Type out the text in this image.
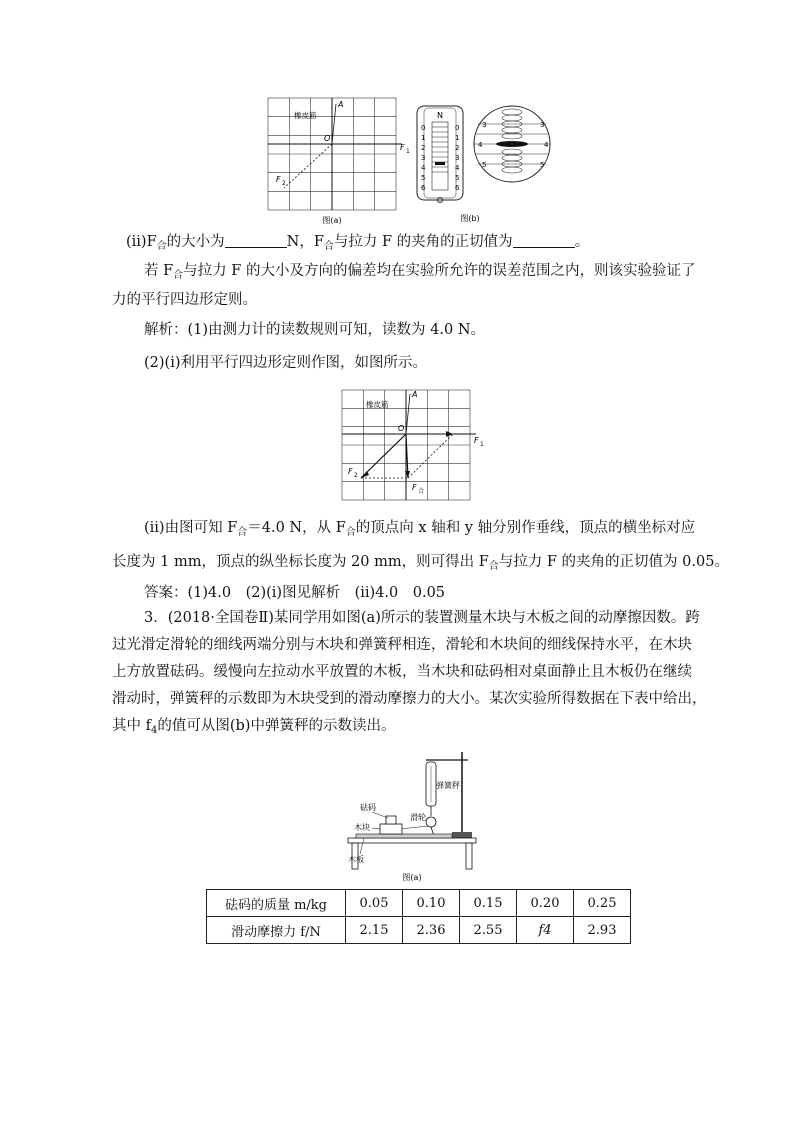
A
橡皮筋
O
F 1
F 2
图(a)
N
0	0
1	1
2	2
3	3
4	4
5	5
6	6
3	3
4	4
5	5
图(b)
$(ⅱ)F_合$的大小为	N，$F_合$与拉力 F 的夹角的正切值为	。
若 $F_合$与拉力 F 的大小及方向的偏差均在实验所允许的误差范围之内，则该实验验证了
力的平行四边形定则。
解析：(1)由测力计的读数规则可知，读数为 4.0 N。
(2)(ⅰ)利用平行四边形定则作图，如图所示。
A
橡皮筋
O
F 1
F 2
F 合
(ⅱ)由图可知 $F_合=4.0$ N，从 $F_合$的顶点向 x 轴和 y 轴分别作垂线，顶点的横坐标对应
长度为 1 mm，顶点的纵坐标长度为 20 mm，则可得出 $F_合$与拉力 F 的夹角的正切值为 0.05。
答案：(1)4.0　(2)(ⅰ)图见解析　(ⅱ)4.0　0.05
3．(2018·全国卷Ⅱ)某同学用如图(a)所示的装置测量木块与木板之间的动摩擦因数。跨
过光滑定滑轮的细线两端分别与木块和弹簧秤相连，滑轮和木块间的细线保持水平，在木块
上方放置砝码。缓慢向左拉动水平放置的木板，当木块和砝码相对桌面静止且木板仍在继续
滑动时，弹簧秤的示数即为木块受到的滑动摩擦力的大小。某次实验所得数据在下表中给出，
其中 $f_4$的值可从图(b)中弹簧秤的示数读出。
弹簧秤
砝码
滑轮
木块
木板
图(a)
砝码的质量 m/kg	0.05	0.10	0.15	0.20	0.25
滑动摩擦力 f/N	2.15	2.36	2.55	f4	2.93
